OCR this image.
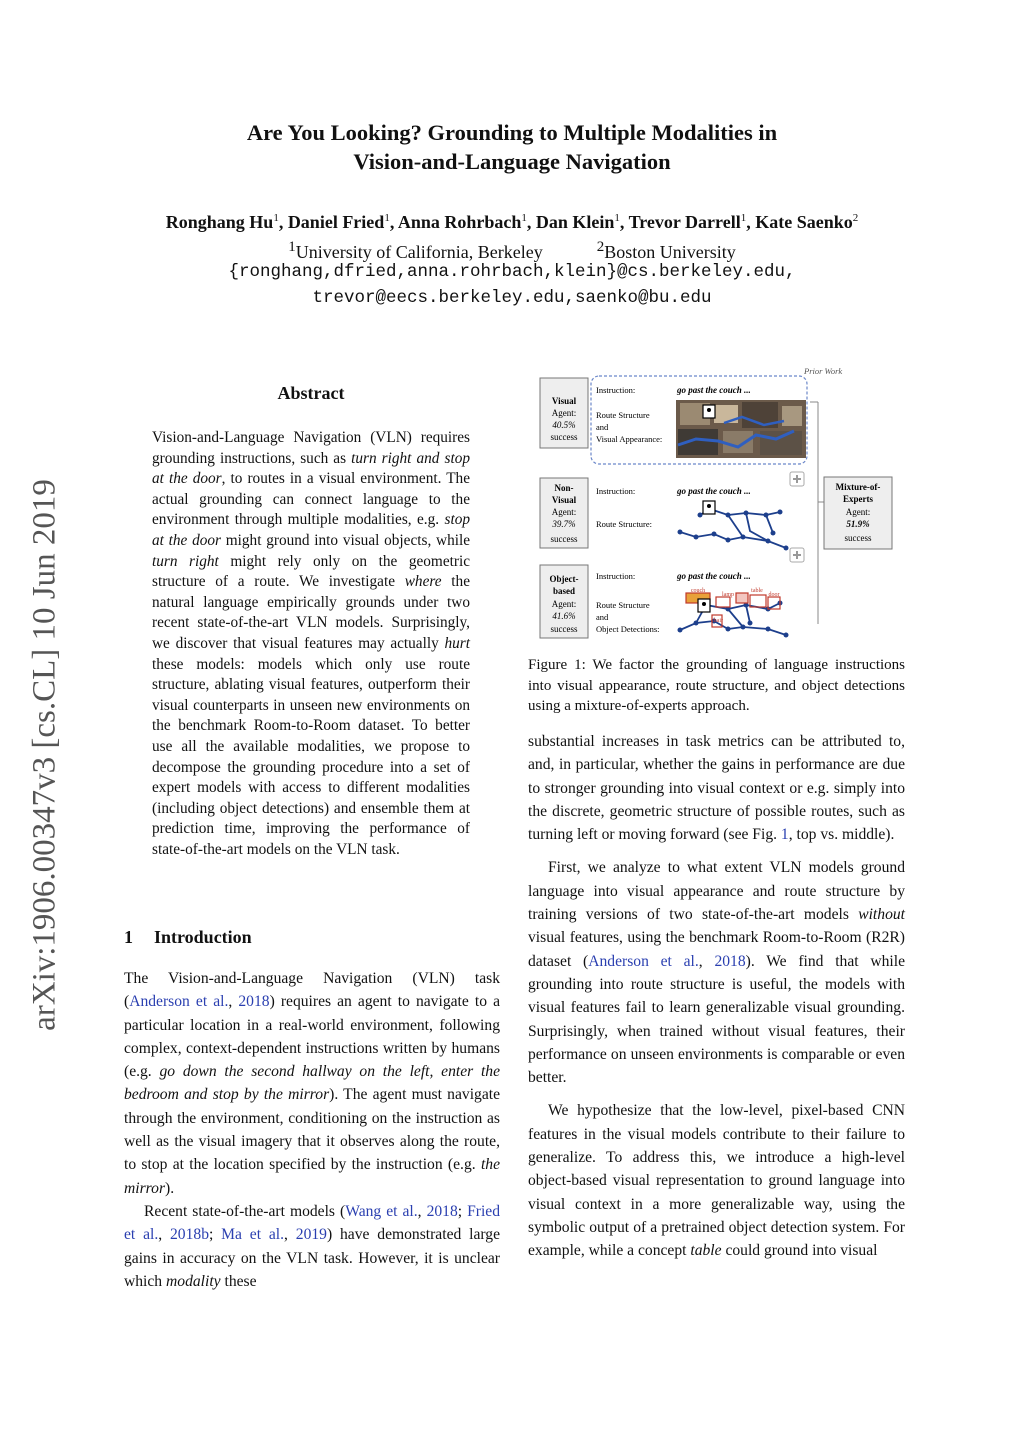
Are You Looking? Grounding to Multiple Modalities in
Vision-and-Language Navigation
Ronghang Hu$^1$, Daniel Fried$^1$, Anna Rohrbach$^1$, Dan Klein$^1$, Trevor Darrell$^1$, Kate Saenko$^2$
$^1$University of California, Berkeley	$^2$Boston University
{ronghang,dfried,anna.rohrbach,klein}@cs.berkeley.edu,
trevor@eecs.berkeley.edu,saenko@bu.edu
arXiv:1906.00347v3 [cs.CL] 10 Jun 2019
Abstract
Vision-and-Language Navigation (VLN) requires grounding instructions, such as turn right and stop at the door, to routes in a visual environment. The actual grounding can connect language to the environment through multiple modalities, e.g. stop at the door might ground into visual objects, while turn right might rely only on the geometric structure of a route. We investigate where the natural language empirically grounds under two recent state-of-the-art VLN models. Surprisingly, we discover that visual features may actually hurt these models: models which only use route structure, ablating visual features, outperform their visual counterparts in unseen new environments on the benchmark Room-to-Room dataset. To better use all the available modalities, we propose to decompose the grounding procedure into a set of expert models with access to different modalities (including object detections) and ensemble them at prediction time, improving the performance of state-of-the-art models on the VLN task.
1 Introduction

The Vision-and-Language Navigation (VLN) task (Anderson et al., 2018) requires an agent to navigate to a particular location in a real-world environment, following complex, context-dependent instructions written by humans (e.g. go down the second hallway on the left, enter the bedroom and stop by the mirror). The agent must navigate through the environment, conditioning on the instruction as well as the visual imagery that it observes along the route, to stop at the location specified by the instruction (e.g. the mirror).

Recent state-of-the-art models (Wang et al., 2018; Fried et al., 2018b; Ma et al., 2019) have demonstrated large gains in accuracy on the VLN task. However, it is unclear which modality these

Prior Work
Visual
Agent:
40.5%
success
Instruction:	go past the couch ...
Route Structure
and
Visual Appearance:
Non-
Visual
Agent:
39.7%
success
Instruction:	go past the couch ...
Route Structure:
Object-
based
Agent:
41.6%
success
Instruction:	go past the couch ...
Route Structure
and
Object Detections:
couch	table
lamp	door
chair
Mixture-of-
Experts
Agent:
51.9%
success
Figure 1: We factor the grounding of language instructions into visual appearance, route structure, and object detections using a mixture-of-experts approach.

substantial increases in task metrics can be attributed to, and, in particular, whether the gains in performance are due to stronger grounding into visual context or e.g. simply into the discrete, geometric structure of possible routes, such as turning left or moving forward (see Fig. 1, top vs. middle).

First, we analyze to what extent VLN models ground language into visual appearance and route structure by training versions of two state-of-the-art models without visual features, using the benchmark Room-to-Room (R2R) dataset (Anderson et al., 2018). We find that while grounding into route structure is useful, the models with visual features fail to learn generalizable visual grounding. Surprisingly, when trained without visual features, their performance on unseen environments is comparable or even better.

We hypothesize that the low-level, pixel-based CNN features in the visual models contribute to their failure to generalize. To address this, we introduce a high-level object-based visual representation to ground language into visual context in a more generalizable way, using the symbolic output of a pretrained object detection system. For example, while a concept table could ground into visual
